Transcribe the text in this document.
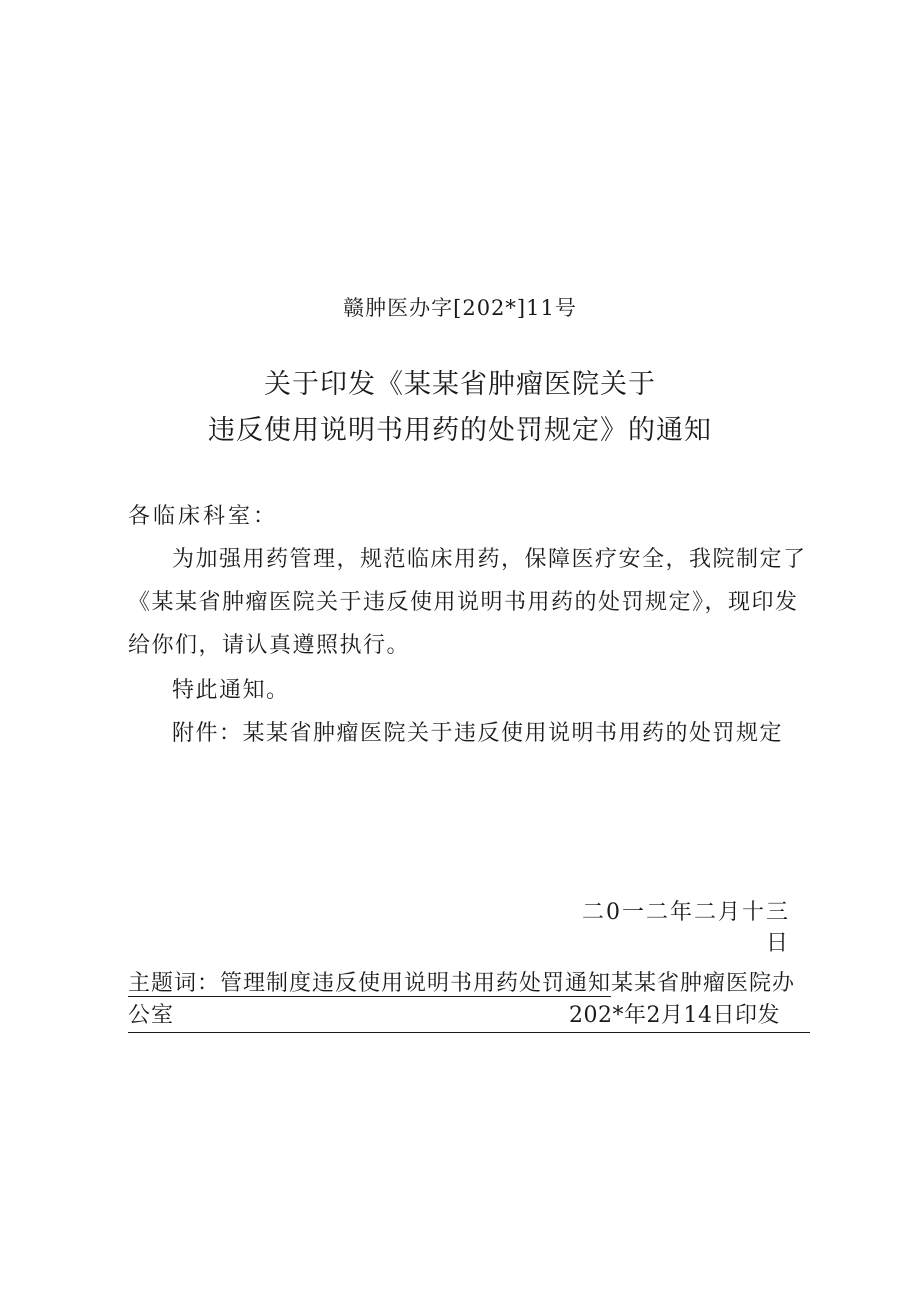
赣肿医办字[202*]11号
关于印发《某某省肿瘤医院关于
违反使用说明书用药的处罚规定》的通知
各临床科室：
为加强用药管理，规范临床用药，保障医疗安全，我院制定了《某某省肿瘤医院关于违反使用说明书用药的处罚规定》，现印发给你们，请认真遵照执行。
特此通知。
附件：某某省肿瘤医院关于违反使用说明书用药的处罚规定
二0一二年二月十三日
主题词：管理制度违反使用说明书用药处罚通知某某省肿瘤医院办
公室	202*年2月14日印发
